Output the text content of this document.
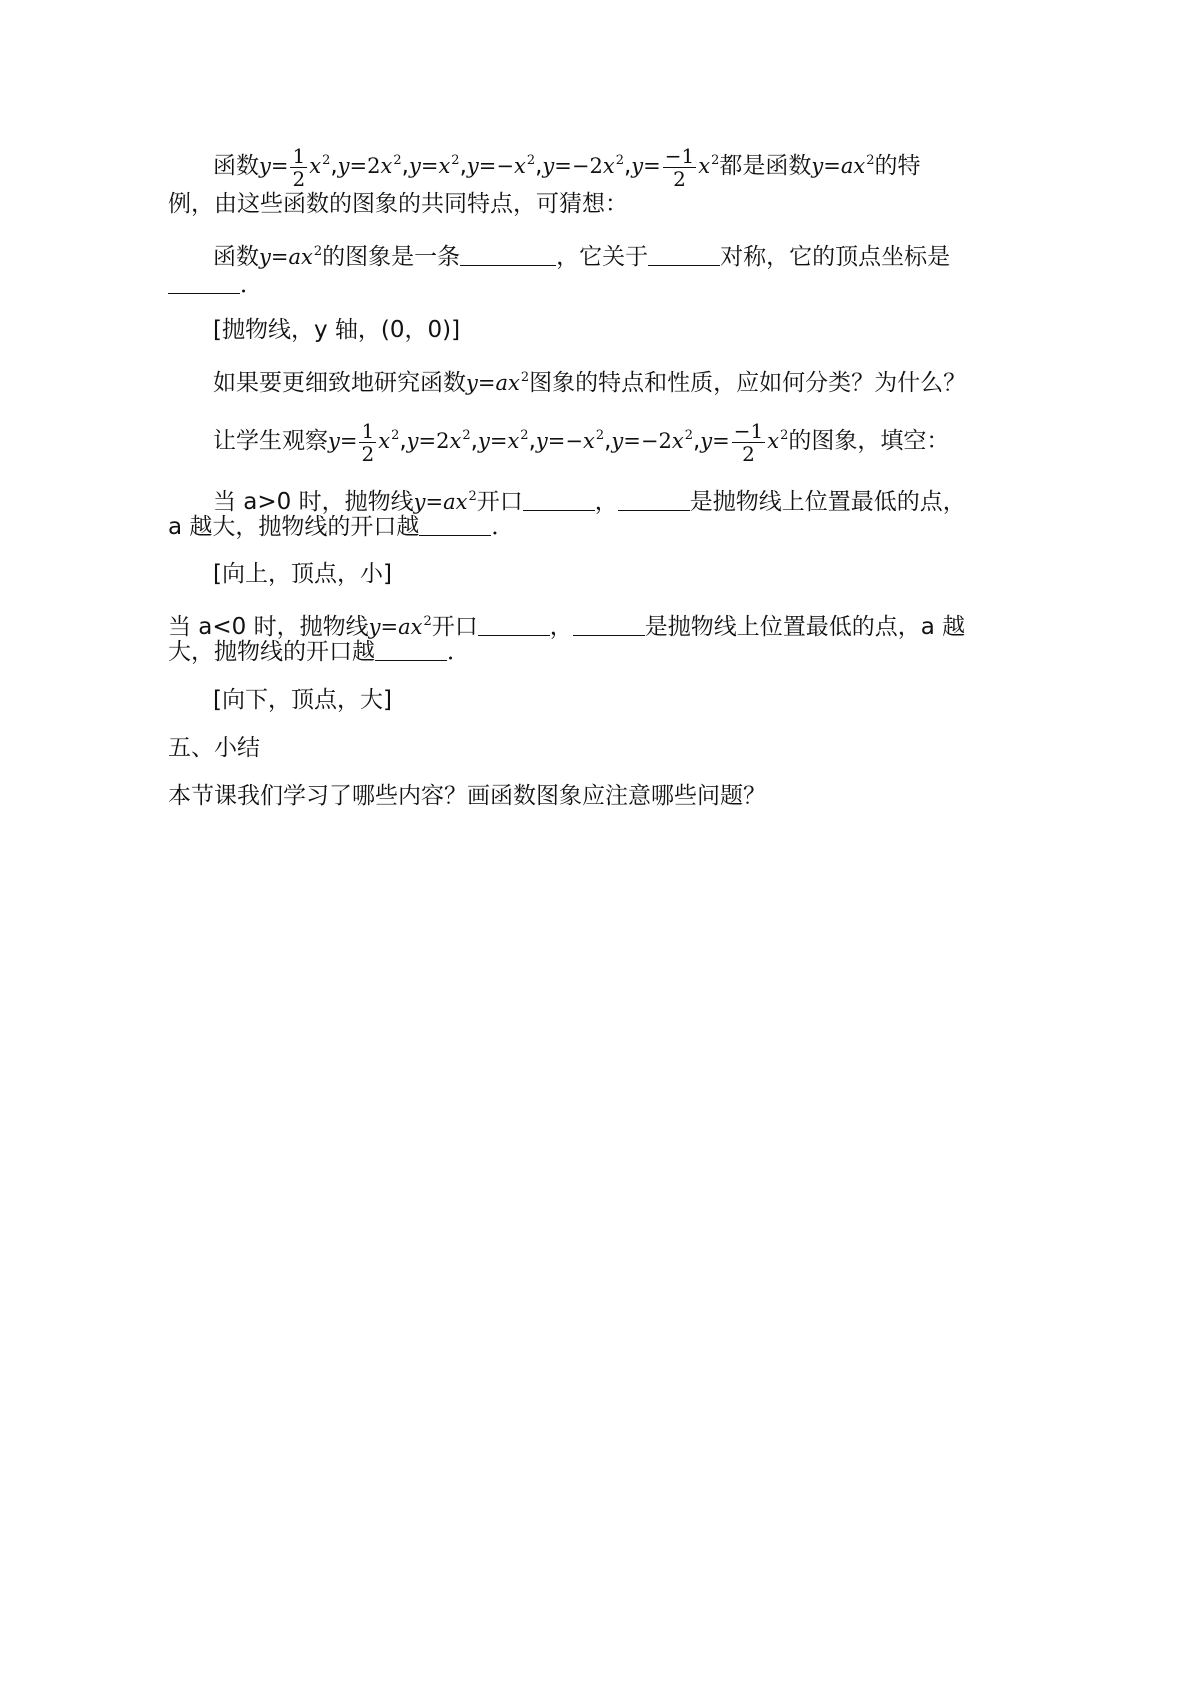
函数$y= \frac{1}{2} x^2,y=2x^2,y=x^2,y=-x^2,y=-2x^2,y= \frac{-1}{2} x^2$都是函数$y=ax^2$的特
例，由这些函数的图象的共同特点，可猜想：
函数$y=ax^2$的图象是一条	，它关于	对称，它的顶点坐标是
．
[抛物线，y 轴，(0，0)]
如果要更细致地研究函数$y=ax^2$图象的特点和性质，应如何分类？为什么？
让学生观察$y= \frac{1}{2} x^2,y=2x^2,y=x^2,y=-x^2,y=-2x^2,y= \frac{-1}{2} x^2$的图象，填空：
当 a>0 时，抛物线$y=ax^2$开口	，	是抛物线上位置最低的点，
a 越大，抛物线的开口越	．
[向上，顶点，小]
当 a<0 时，抛物线$y=ax^2$开口	，	是抛物线上位置最低的点，a 越
大，抛物线的开口越	．
[向下，顶点，大]
五、小结
本节课我们学习了哪些内容？画函数图象应注意哪些问题？
